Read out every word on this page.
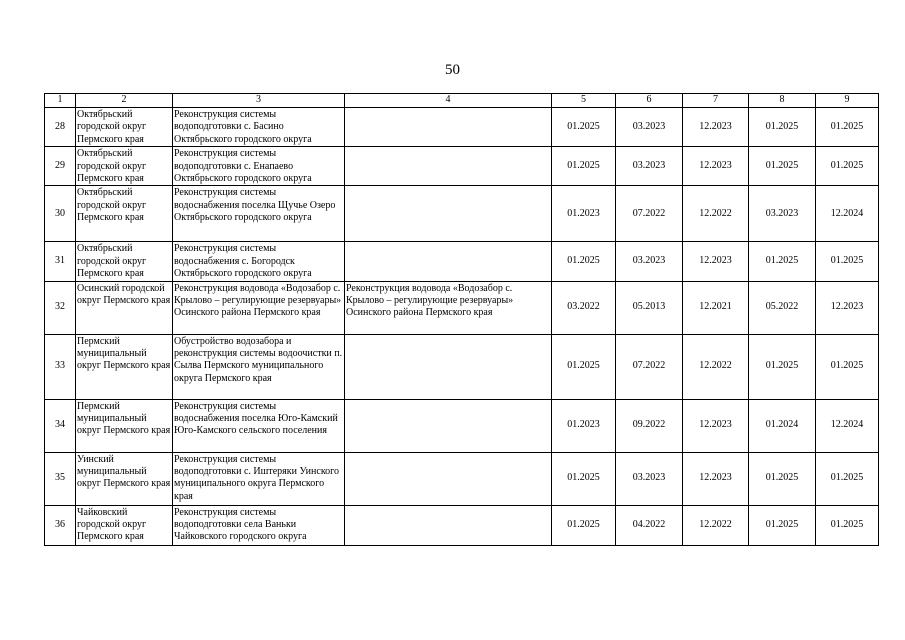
50
1	2	3	4	5	6	7	8	9
28	Октябрьский городской округ Пермского края	Реконструкция системы водоподготовки с. Басино Октябрьского городского округа		01.2025	03.2023	12.2023	01.2025	01.2025
29	Октябрьский городской округ Пермского края	Реконструкция системы водоподготовки с. Енапаево Октябрьского городского округа		01.2025	03.2023	12.2023	01.2025	01.2025
30	Октябрьский городской округ Пермского края	Реконструкция системы водоснабжения поселка Щучье Озеро Октябрьского городского округа		01.2023	07.2022	12.2022	03.2023	12.2024
31	Октябрьский городской округ Пермского края	Реконструкция системы водоснабжения с. Богородск Октябрьского городского округа		01.2025	03.2023	12.2023	01.2025	01.2025
32	Осинский городской округ Пермского края	Реконструкция водовода «Водозабор с. Крылово – регулирующие резервуары» Осинского района Пермского края	Реконструкция водовода «Водозабор с. Крылово – регулирующие резервуары» Осинского района Пермского края	03.2022	05.2013	12.2021	05.2022	12.2023
33	Пермский муниципальный округ Пермского края	Обустройство водозабора и реконструкция системы водоочистки п. Сылва Пермского муниципального округа Пермского края		01.2025	07.2022	12.2022	01.2025	01.2025
34	Пермский муниципальный округ Пермского края	Реконструкция системы водоснабжения поселка Юго-Камский Юго-Камского сельского поселения		01.2023	09.2022	12.2023	01.2024	12.2024
35	Уинский муниципальный округ Пермского края	Реконструкция системы водоподготовки с. Иштеряки Уинского муниципального округа Пермского края		01.2025	03.2023	12.2023	01.2025	01.2025
36	Чайковский городской округ Пермского края	Реконструкция системы водоподготовки села Ваньки Чайковского городского округа		01.2025	04.2022	12.2022	01.2025	01.2025
